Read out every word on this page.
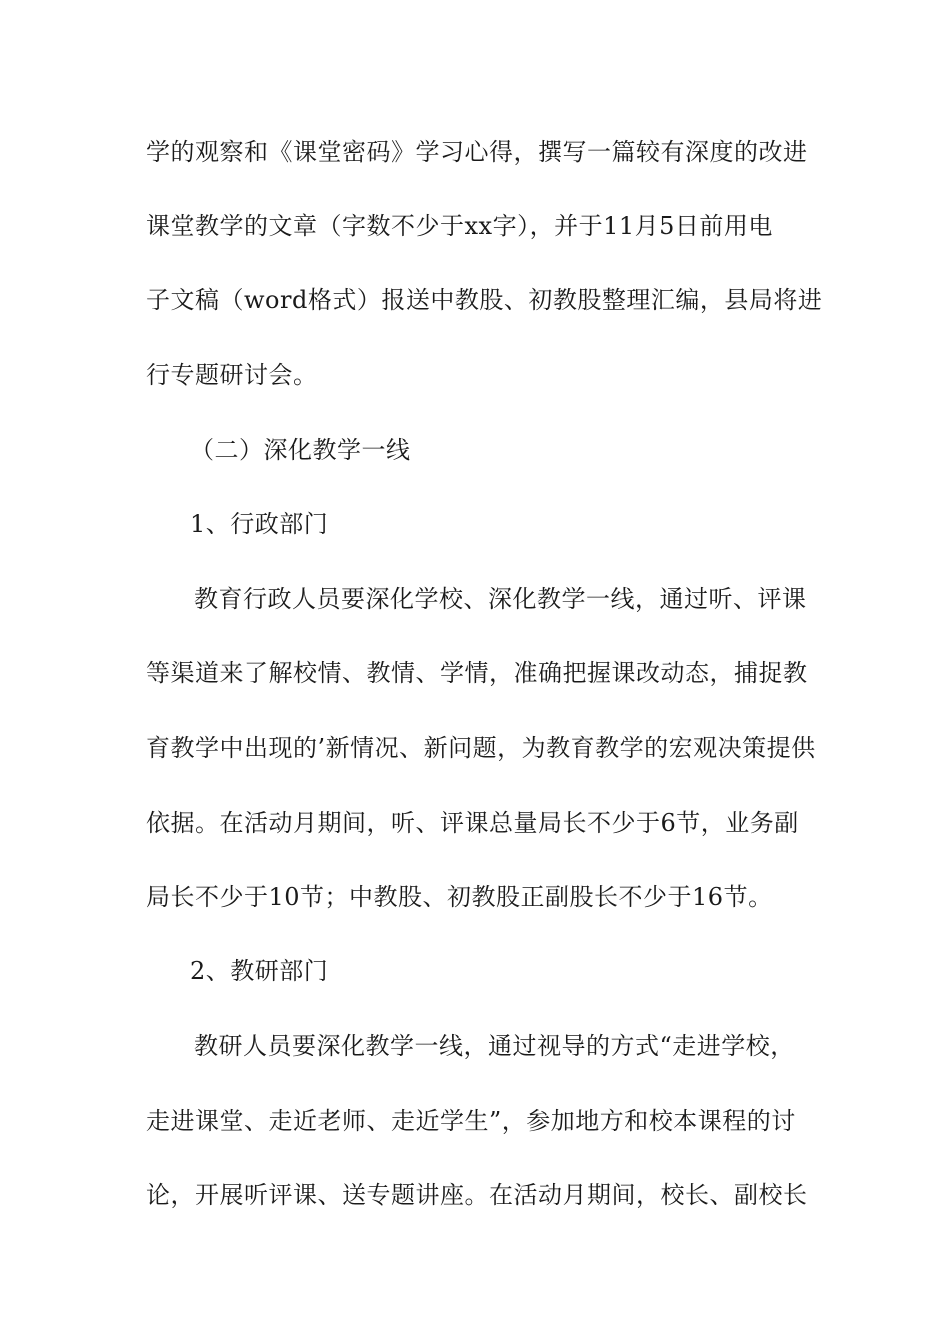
学的观察和《课堂密码》学习心得，撰写一篇较有深度的改进
课堂教学的文章（字数不少于xx字），并于11月5日前用电
子文稿（word格式）报送中教股、初教股整理汇编，县局将进
行专题研讨会。
（二）深化教学一线
1、行政部门
教育行政人员要深化学校、深化教学一线，通过听、评课
等渠道来了解校情、教情、学情，准确把握课改动态，捕捉教
育教学中出现的’新情况、新问题，为教育教学的宏观决策提供
依据。在活动月期间，听、评课总量局长不少于6节，业务副
局长不少于10节；中教股、初教股正副股长不少于16节。
2、教研部门
教研人员要深化教学一线，通过视导的方式“走进学校，
走进课堂、走近老师、走近学生”，参加地方和校本课程的讨
论，开展听评课、送专题讲座。在活动月期间，校长、副校长
